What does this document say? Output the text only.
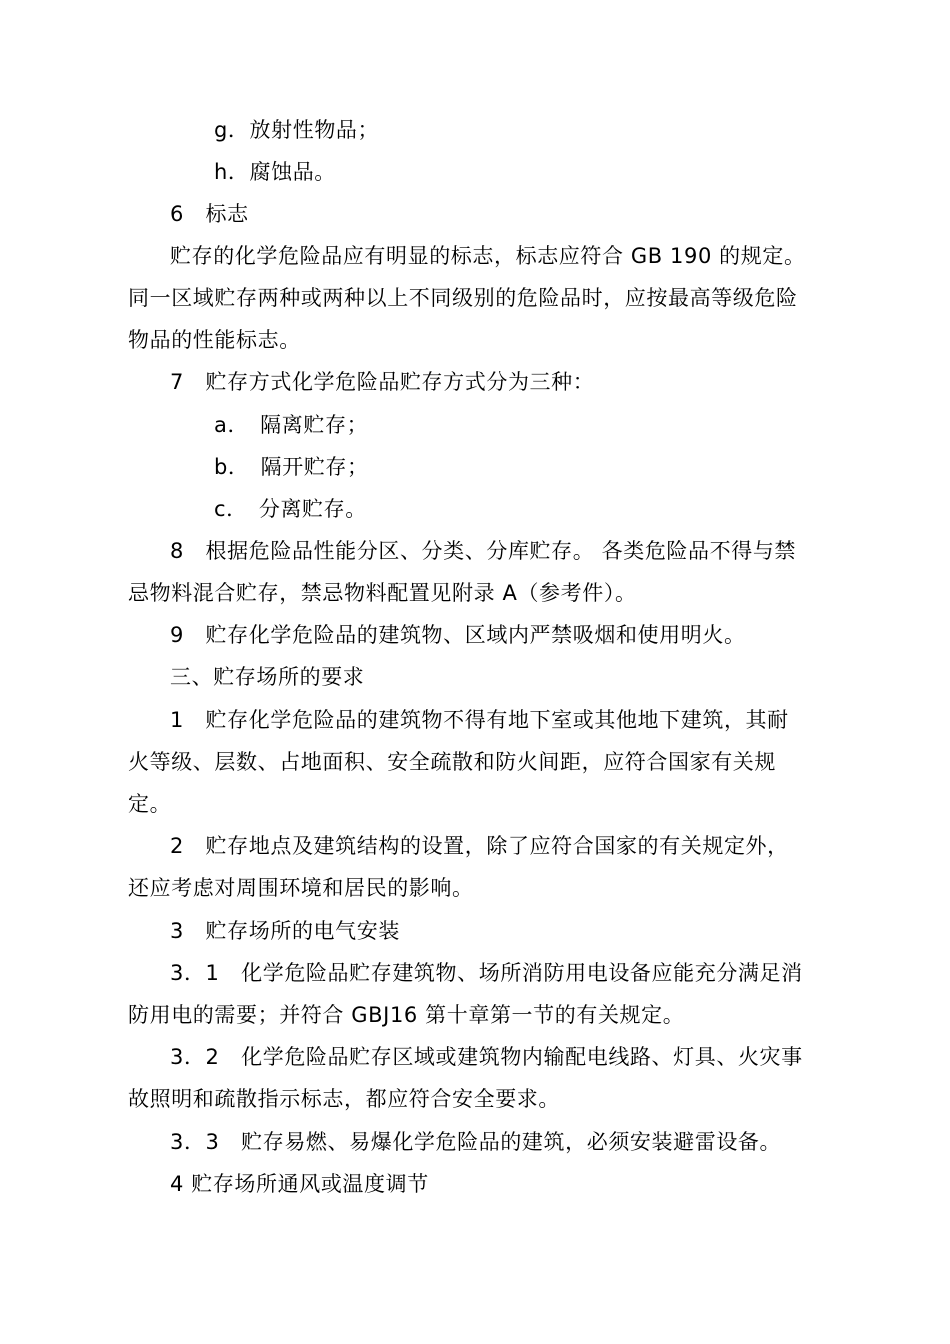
g．放射性物品；
h．腐蚀品。
6　标志
贮存的化学危险品应有明显的标志，标志应符合 GB 190 的规定。
同一区域贮存两种或两种以上不同级别的危险品时，应按最高等级危险
物品的性能标志。
7　贮存方式化学危险品贮存方式分为三种：
a．　隔离贮存；
b．　隔开贮存；
c．　分离贮存。
8　根据危险品性能分区、分类、分库贮存。 各类危险品不得与禁
忌物料混合贮存，禁忌物料配置见附录 A（参考件）。
9　贮存化学危险品的建筑物、区域内严禁吸烟和使用明火。
三、贮存场所的要求
1　贮存化学危险品的建筑物不得有地下室或其他地下建筑，其耐
火等级、层数、占地面积、安全疏散和防火间距，应符合国家有关规
定。
2　贮存地点及建筑结构的设置，除了应符合国家的有关规定外，
还应考虑对周围环境和居民的影响。
3　贮存场所的电气安装
3．1　化学危险品贮存建筑物、场所消防用电设备应能充分满足消
防用电的需要；并符合 GBJ16 第十章第一节的有关规定。
3．2　化学危险品贮存区域或建筑物内输配电线路、灯具、火灾事
故照明和疏散指示标志，都应符合安全要求。
3．3　贮存易燃、易爆化学危险品的建筑，必须安装避雷设备。
4 贮存场所通风或温度调节
